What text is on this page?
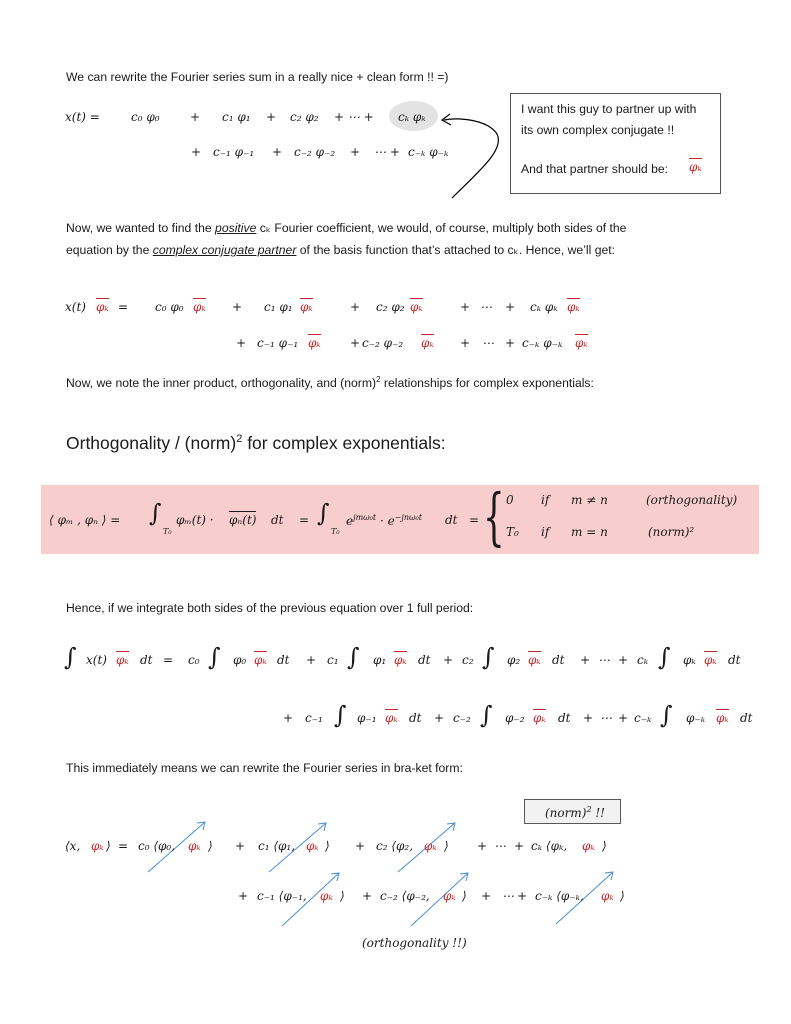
We can rewrite the Fourier series sum in a really nice + clean form !! =)
x(t) =	c₀ φ₀	+ c₁ φ₁ + c₂ φ₂ + ⋯ + cₖ φₖ
+ c₋₁ φ₋₁ + c₋₂ φ₋₂ + ⋯ + c₋ₖ φ₋ₖ
I want this guy to partner up with
its own complex conjugate !!
And that partner should be: φₖ
Now, we wanted to find the positive cₖ Fourier coefficient, we would, of course, multiply both sides of the
equation by the complex conjugate partner of the basis function that’s attached to cₖ. Hence, we’ll get:
x(t) φₖ = c₀ φ₀ φₖ + c₁ φ₁ φₖ	+ c₂ φ₂ φₖ	+ ⋯ + cₖ φₖ φₖ
+ c₋₁ φ₋₁ φₖ + c₋₂ φ₋₂ φₖ + ⋯ + c₋ₖ φ₋ₖ φₖ
Now, we note the inner product, orthogonality, and (norm)$^2$ relationships for complex exponentials:
Orthogonality / (norm)$^2$ for complex exponentials:
⟨ φₘ , φₙ ⟩ = ∫
T₀
φₘ(t) · φₙ(t) dt = ∫
T₀
$e^{jm\omega_0t} \cdot e^{-jn\omega_0t}$ dt = { 0 if m ≠ n	(orthogonality)
T₀ if m = n	(norm)²
Hence, if we integrate both sides of the previous equation over 1 full period:
∫ x(t) φₖ dt = c₀ ∫ φ₀ φₖ dt + c₁ ∫ φ₁ φₖ dt + c₂ ∫ φ₂ φₖ dt + ⋯ + cₖ ∫ φₖ φₖ dt
+ c₋₁ ∫ φ₋₁ φₖ dt + c₋₂ ∫ φ₋₂ φₖ dt + ⋯ + c₋ₖ ∫ φ₋ₖ φₖ dt
This immediately means we can rewrite the Fourier series in bra-ket form:
(norm)$^2$ !!
⟨x, φₖ ⟩ = c₀ ⟨φ₀, φₖ ⟩ + c₁ ⟨φ₁, φₖ ⟩ + c₂ ⟨φ₂, φₖ ⟩ + ⋯ + cₖ ⟨φₖ, φₖ ⟩
+ c₋₁ ⟨φ₋₁, φₖ ⟩ + c₋₂ ⟨φ₋₂, φₖ ⟩ + ⋯ + c₋ₖ ⟨φ₋ₖ, φₖ ⟩
(orthogonality !!)
